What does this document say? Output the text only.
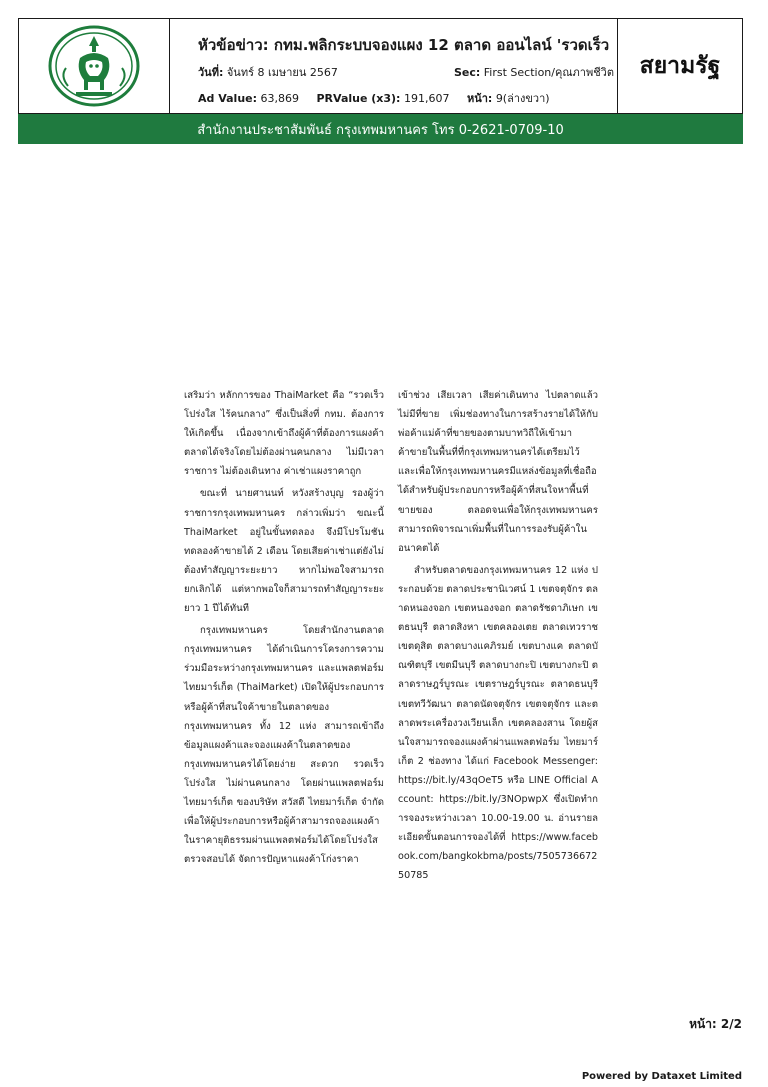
หัวข้อข่าว: กทม.พลิกระบบจองแผง 12 ตลาด ออนไลน์ 'รวดเร็ว
วันที่: จันทร์ 8 เมษายน 2567	Sec: First Section/คุณภาพชีวิต
Ad Value: 63,869 PRValue (x3): 191,607 หน้า: 9(ล่างขวา)
สยามรัฐ
สำนักงานประชาสัมพันธ์ กรุงเทพมหานคร โทร 0-2621-0709-10

เสริมว่า หลักการของ ThaiMarket คือ “รวดเร็ว โปร่งใส ไร้คนกลาง” ซึ่งเป็นสิ่งที่ กทม. ต้องการ ให้เกิดขึ้น เนื่องจากเข้าถึงผู้ค้าที่ต้องการแผงค้า ตลาดได้จริงโดยไม่ต้องผ่านคนกลาง ไม่มีเวลา ราชการ ไม่ต้องเดินทาง ค่าเช่าแผงราคาถูก

ขณะที่ นายศานนท์ หวังสร้างบุญ รองผู้ว่าราชการกรุงเทพมหานคร กล่าวเพิ่มว่า ขณะนี้ ThaiMarket อยู่ในขั้นทดลอง จึงมีโปรโมชันทดลองค้าขายได้ 2 เดือน โดยเสียค่าเช่าแต่ยังไม่ต้องทำสัญญาระยะยาว หากไม่พอใจสามารถยกเลิกได้ แต่หากพอใจก็สามารถทำสัญญาระยะยาว 1 ปีได้ทันที

กรุงเทพมหานคร โดยสำนักงานตลาด กรุงเทพมหานคร ได้ดำเนินการโครงการความร่วมมือระหว่างกรุงเทพมหานคร และแพลตฟอร์ม ไทยมาร์เก็ต (ThaiMarket) เปิดให้ผู้ประกอบการหรือผู้ค้าที่สนใจค้าขายในตลาดของกรุงเทพมหานคร ทั้ง 12 แห่ง สามารถเข้าถึงข้อมูลแผงค้าและจองแผงค้าในตลาดของกรุงเทพมหานครได้โดยง่าย สะดวก รวดเร็ว โปร่งใส ไม่ผ่านคนกลาง โดยผ่านแพลตฟอร์ม ไทยมาร์เก็ต ของบริษัท สวัสดี ไทยมาร์เก็ต จำกัด เพื่อให้ผู้ประกอบการหรือผู้ค้าสามารถจองแผงค้าในราคายุติธรรมผ่านแพลตฟอร์มได้โดยโปร่งใส ตรวจสอบได้ จัดการปัญหาแผงค้าโก่งราคา

เข้าช่วง เสียเวลา เสียค่าเดินทาง ไปตลาดแล้วไม่มีที่ขาย เพิ่มช่องทางในการสร้างรายได้ให้กับพ่อค้าแม่ค้าที่ขายของตามบาทวิถีให้เข้ามาค้าขายในพื้นที่ที่กรุงเทพมหานครได้เตรียมไว้ และเพื่อให้กรุงเทพมหานครมีแหล่งข้อมูลที่เชื่อถือได้สำหรับผู้ประกอบการหรือผู้ค้าที่สนใจหาพื้นที่ขายของ ตลอดจนเพื่อให้กรุงเทพมหานครสามารถพิจารณาเพิ่มพื้นที่ในการรองรับผู้ค้าในอนาคตได้

สำหรับตลาดของกรุงเทพมหานคร 12 แห่ง ประกอบด้วย ตลาดประชานิเวศน์ 1 เขตจตุจักร ตลาดหนองจอก เขตหนองจอก ตลาดรัชดาภิเษก เขตธนบุรี ตลาดสิงหา เขตคลองเตย ตลาดเทวราช เขตดุสิต ตลาดบางแคภิรมย์ เขตบางแค ตลาดบัณฑิตบุรี เขตมีนบุรี ตลาดบางกะปิ เขตบางกะปิ ตลาดราษฎร์บูรณะ เขตราษฎร์บูรณะ ตลาดธนบุรี เขตทวีวัฒนา ตลาดนัดจตุจักร เขตจตุจักร และตลาดพระเครื่องวงเวียนเล็ก เขตคลองสาน โดยผู้สนใจสามารถจองแผงค้าผ่านแพลตฟอร์ม ไทยมาร์เก็ต 2 ช่องทาง ได้แก่ Facebook Messenger: https://bit.ly/43qOeT5 หรือ LINE Official Account: https://bit.ly/3NOpwpX ซึ่งเปิดทำการจองระหว่างเวลา 10.00-19.00 น. อ่านรายละเอียดขั้นตอนการจองได้ที่ https://www.facebook.com/bangkokbma/posts/750573667250785

หน้า: 2/2
Powered by Dataxet Limited
